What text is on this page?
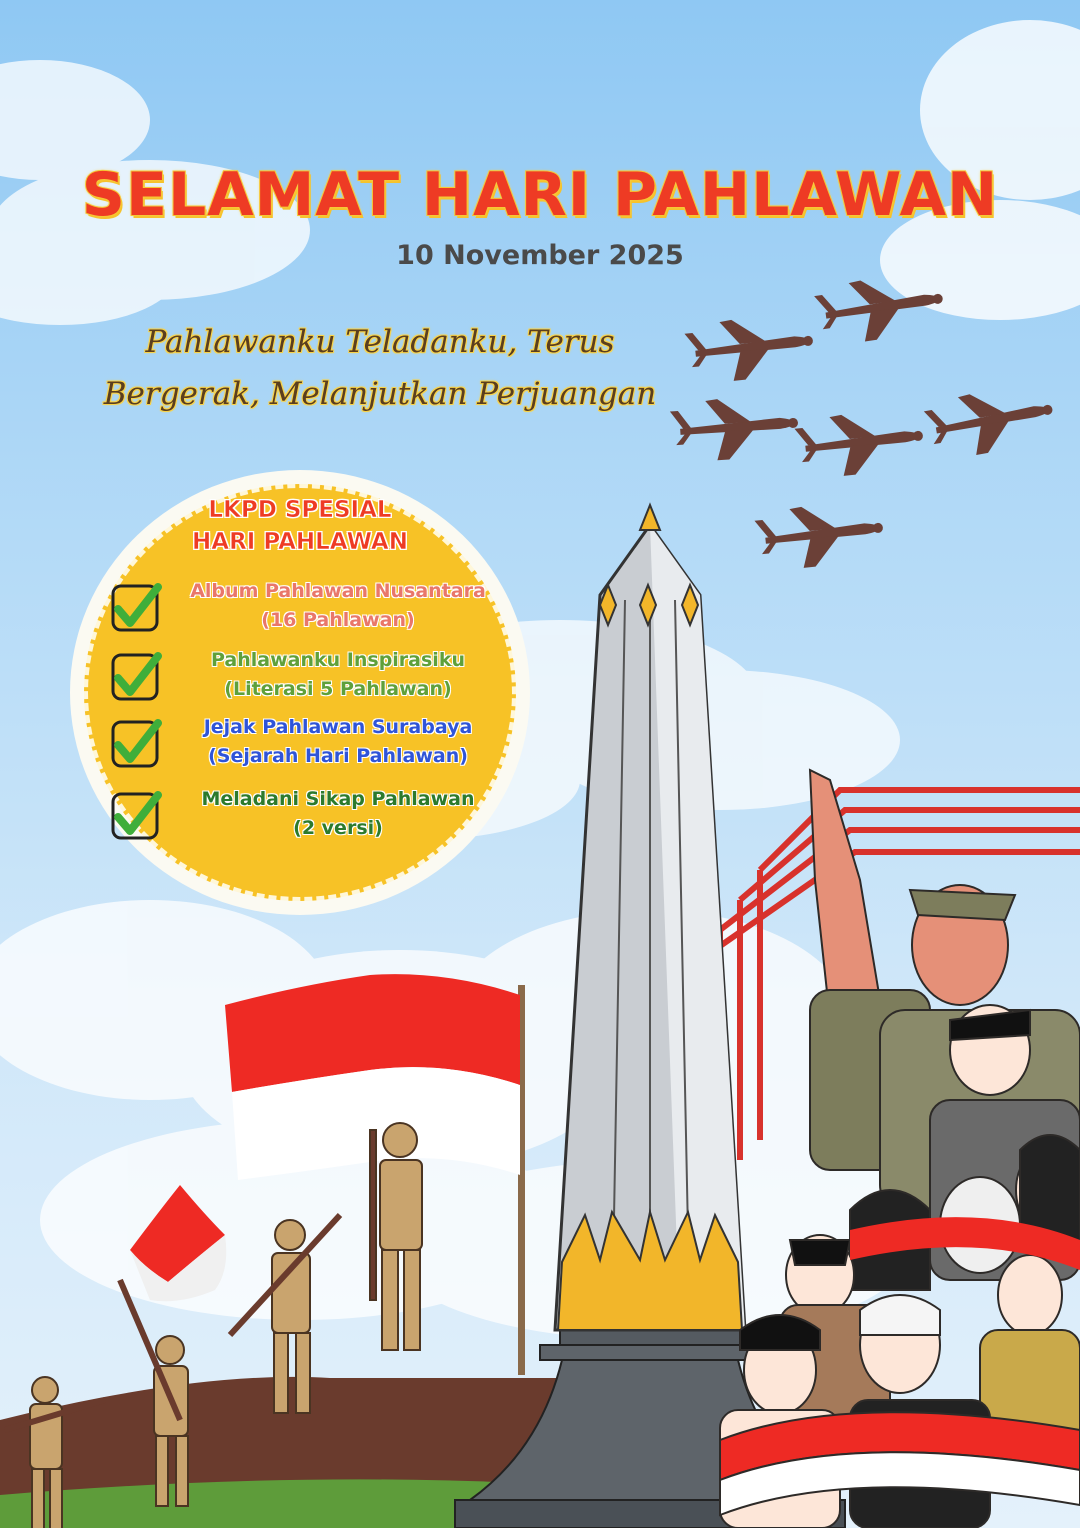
SELAMAT HARI PAHLAWAN
10 November 2025
Pahlawanku Teladanku, Terus
Bergerak, Melanjutkan Perjuangan
LKPD SPESIAL
HARI PAHLAWAN
Album Pahlawan Nusantara
(16 Pahlawan)
Pahlawanku Inspirasiku
(Literasi 5 Pahlawan)
Jejak Pahlawan Surabaya
(Sejarah Hari Pahlawan)
Meladani Sikap Pahlawan
(2 versi)
